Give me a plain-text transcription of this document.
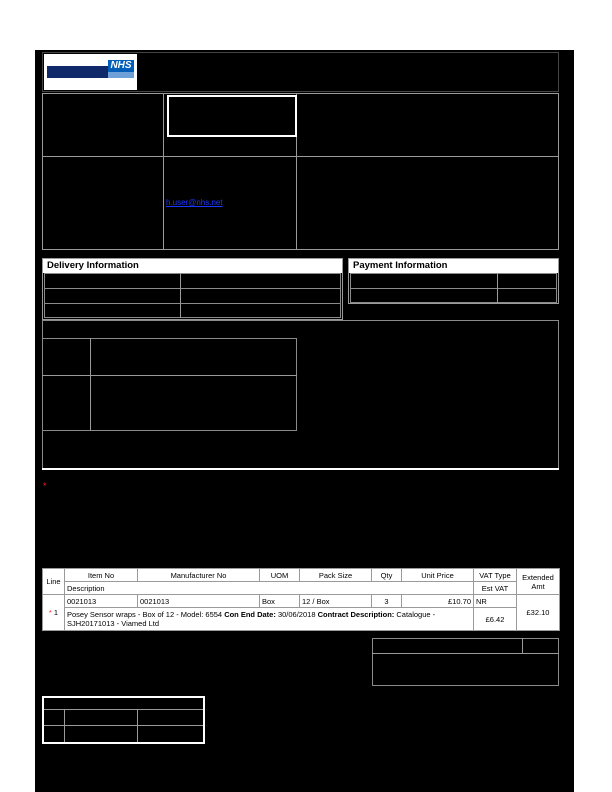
NHS
h.user@nhs.net
Delivery Information	Payment Information
*
Line	Item No	Manufacturer No	UOM	Pack Size	Qty	Unit Price	VAT Type	Extended Amt
	Description						Est VAT	
* 1	0021013	0021013	Box	12 / Box	3	£10.70	NR	£32.10
	Posey Sensor wraps - Box of 12 - Model: 6554 Con End Date: 30/06/2018 Contract Description: Catalogue - SJH20171013 - Viamed Ltd						£6.42	
